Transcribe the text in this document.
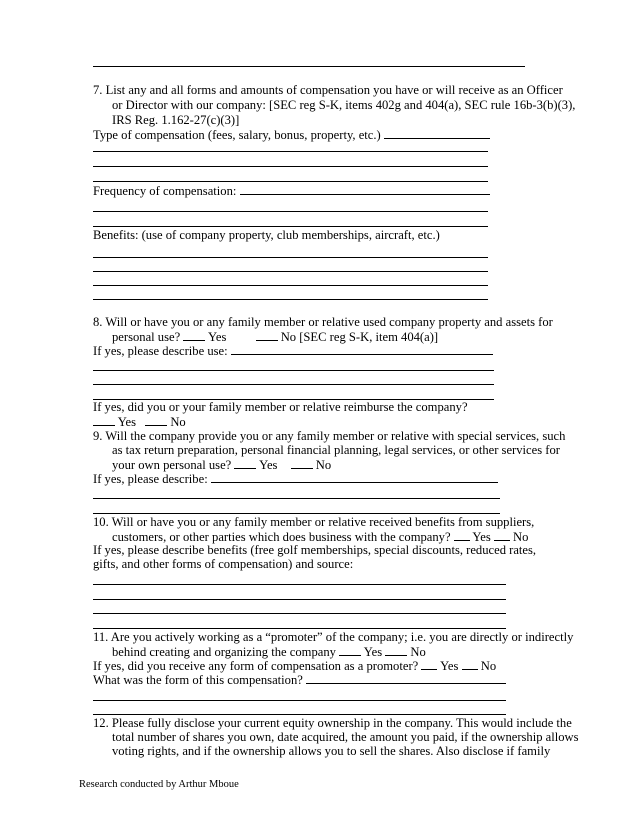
7. List any and all forms and amounts of compensation you have or will receive as an Officer
or Director with our company: [SEC reg S-K, items 402g and 404(a), SEC rule 16b-3(b)(3),
IRS Reg. 1.162-27(c)(3)]
Type of compensation (fees, salary, bonus, property, etc.)
Frequency of compensation:
Benefits: (use of company property, club memberships, aircraft, etc.)
8. Will or have you or any family member or relative used company property and assets for
personal use? Yes	No [SEC reg S-K, item 404(a)]
If yes, please describe use:
If yes, did you or your family member or relative reimburse the company?
Yes	No
9. Will the company provide you or any family member or relative with special services, such
as tax return preparation, personal financial planning, legal services, or other services for
your own personal use? Yes	No
If yes, please describe:
10. Will or have you or any family member or relative received benefits from suppliers,
customers, or other parties which does business with the company? Yes No
If yes, please describe benefits (free golf memberships, special discounts, reduced rates,
gifts, and other forms of compensation) and source:
11. Are you actively working as a “promoter” of the company; i.e. you are directly or indirectly
behind creating and organizing the company Yes No
If yes, did you receive any form of compensation as a promoter? Yes No
What was the form of this compensation?
12. Please fully disclose your current equity ownership in the company. This would include the
total number of shares you own, date acquired, the amount you paid, if the ownership allows
voting rights, and if the ownership allows you to sell the shares. Also disclose if family
Research conducted by Arthur Mboue
